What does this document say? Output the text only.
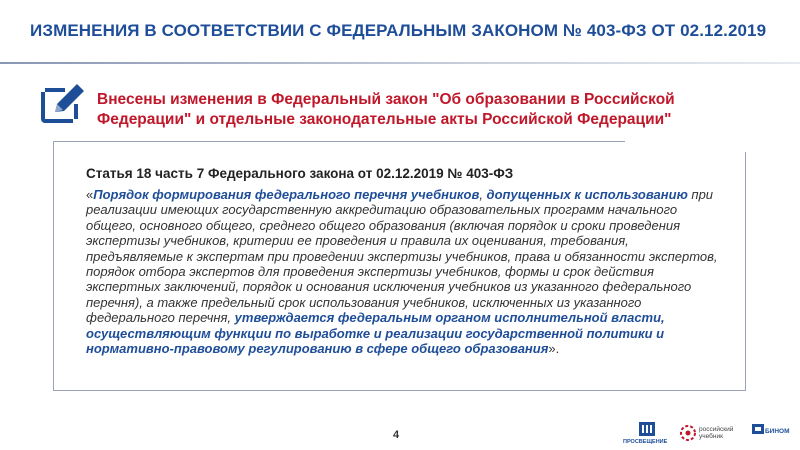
ИЗМЕНЕНИЯ В СООТВЕТСТВИИ С ФЕДЕРАЛЬНЫМ ЗАКОНОМ № 403-ФЗ ОТ 02.12.2019
Внесены изменения в Федеральный закон "Об образовании в Российской
Федерации" и отдельные законодательные акты Российской Федерации"
Статья 18 часть 7 Федерального закона от 02.12.2019 № 403-ФЗ
«Порядок формирования федерального перечня учебников, допущенных к использованию при реализации имеющих государственную аккредитацию образовательных программ начального общего, основного общего, среднего общего образования (включая порядок и сроки проведения экспертизы учебников, критерии ее проведения и правила их оценивания, требования, предъявляемые к экспертам при проведении экспертизы учебников, права и обязанности экспертов, порядок отбора экспертов для проведения экспертизы учебников, формы и срок действия экспертных заключений, порядок и основания исключения учебников из указанного федерального перечня), а также предельный срок использования учебников, исключенных из указанного федерального перечня, утверждается федеральным органом исполнительной власти, осуществляющим функции по выработке и реализации государственной политики и нормативно-правовому регулированию в сфере общего образования».
4
ПРОСВЕЩЕНИЕ
российский учебник
БИНОМ
